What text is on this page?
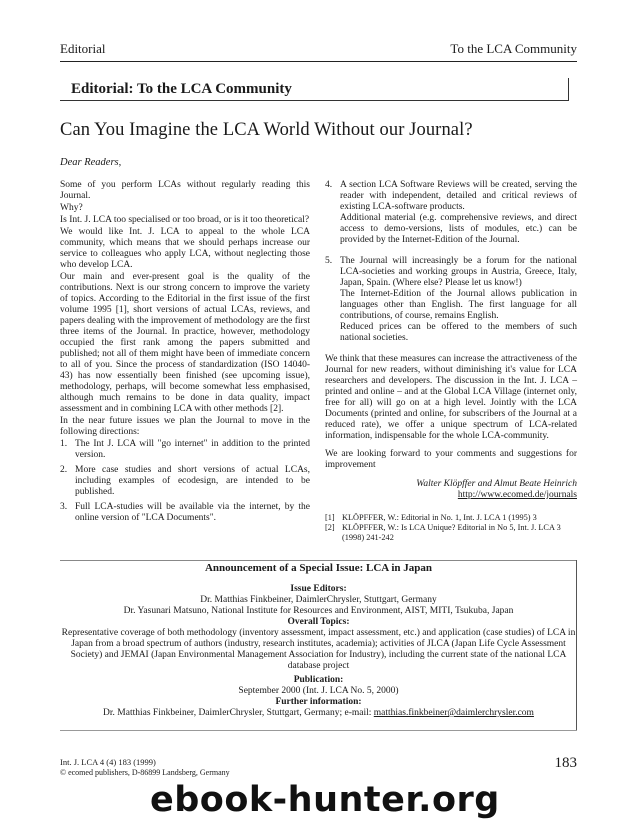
Editorial	To the LCA Community
Editorial: To the LCA Community
Can You Imagine the LCA World Without our Journal?
Dear Readers,

Some of you perform LCAs without regularly reading this Journal.

Why?

Is Int. J. LCA too specialised or too broad, or is it too theoretical?

We would like Int. J. LCA to appeal to the whole LCA community, which means that we should perhaps increase our service to colleagues who apply LCA, without neglecting those who develop LCA.

Our main and ever-present goal is the quality of the contributions. Next is our strong concern to improve the variety of topics. According to the Editorial in the first issue of the first volume 1995 [1], short versions of actual LCAs, reviews, and papers dealing with the improvement of methodology are the first three items of the Journal. In practice, however, methodology occupied the first rank among the papers submitted and published; not all of them might have been of immediate concern to all of you. Since the process of standardization (ISO 14040-43) has now essentially been finished (see upcoming issue), methodology, perhaps, will become somewhat less emphasised, although much remains to be done in data quality, impact assessment and in combining LCA with other methods [2].

In the near future issues we plan the Journal to move in the following directions:

1. The Int J. LCA will "go internet" in addition to the printed version.
2. More case studies and short versions of actual LCAs, including examples of ecodesign, are intended to be published.
3. Full LCA-studies will be available via the internet, by the online version of "LCA Documents".
4. A section LCA Software Reviews will be created, serving the reader with independent, detailed and critical reviews of existing LCA-software products.
Additional material (e.g. comprehensive reviews, and direct access to demo-versions, lists of modules, etc.) can be provided by the Internet-Edition of the Journal.
5. The Journal will increasingly be a forum for the national LCA-societies and working groups in Austria, Greece, Italy, Japan, Spain. (Where else? Please let us know!)
The Internet-Edition of the Journal allows publication in languages other than English. The first language for all contributions, of course, remains English.
Reduced prices can be offered to the members of such national societies.

We think that these measures can increase the attractiveness of the Journal for new readers, without diminishing it's value for LCA researchers and developers. The discussion in the Int. J. LCA – printed and online – and at the Global LCA Village (internet only, free for all) will go on at a high level. Jointly with the LCA Documents (printed and online, for subscribers of the Journal at a reduced rate), we offer a unique spectrum of LCA-related information, indispensable for the whole LCA-community.

We are looking forward to your comments and suggestions for improvement

Walter Klöpffer and Almut Beate Heinrich
http://www.ecomed.de/journals
[1] KLÖPFFER, W.: Editorial in No. 1, Int. J. LCA 1 (1995) 3
[2] KLÖPFFER, W.: Is LCA Unique? Editorial in No 5, Int. J. LCA 3 (1998) 241-242
Announcement of a Special Issue: LCA in Japan
Issue Editors:
Dr. Matthias Finkbeiner, DaimlerChrysler, Stuttgart, Germany
Dr. Yasunari Matsuno, National Institute for Resources and Environment, AIST, MITI, Tsukuba, Japan
Overall Topics:
Representative coverage of both methodology (inventory assessment, impact assessment, etc.) and application (case studies) of LCA in Japan from a broad spectrum of authors (industry, research institutes, academia); activities of JLCA (Japan Life Cycle Assessment Society) and JEMAI (Japan Environmental Management Association for Industry), including the current state of the national LCA database project
Publication:
September 2000 (Int. J. LCA No. 5, 2000)
Further information:
Dr. Matthias Finkbeiner, DaimlerChrysler, Stuttgart, Germany; e-mail: matthias.finkbeiner@daimlerchrysler.com
Int. J. LCA 4 (4) 183 (1999)
© ecomed publishers, D-86899 Landsberg, Germany
183
ebook-hunter.org
